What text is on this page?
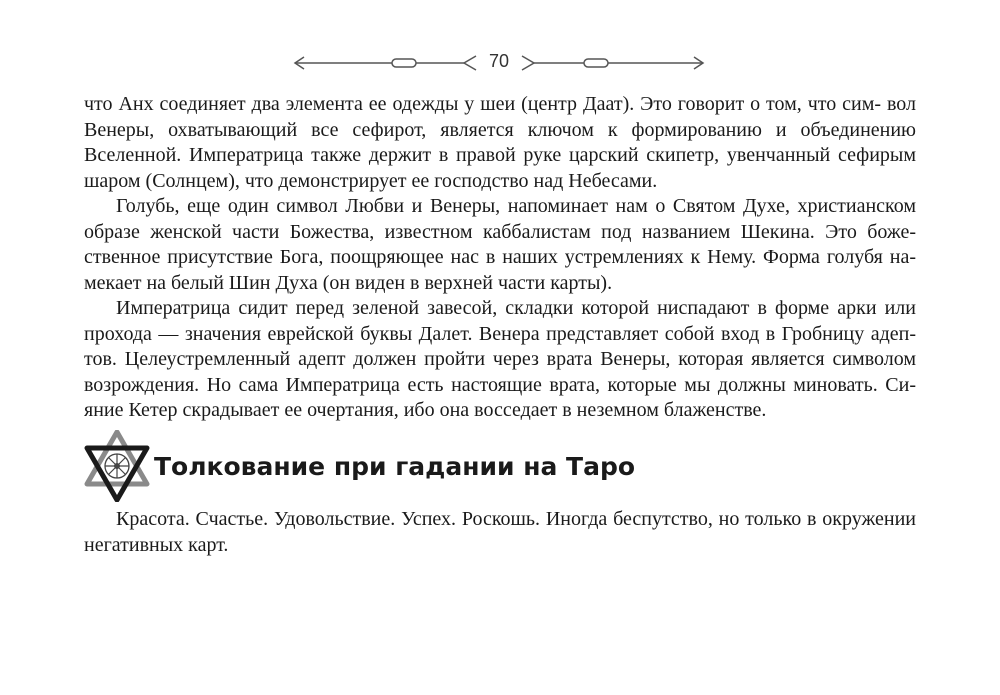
70

что Анх соединяет два элемента ее одежды у шеи (центр Даат). Это говорит о том, что сим- вол Венеры, охватывающий все сефирот, является ключом к формированию и объединению Вселенной. Императрица также держит в правой руке царский скипетр, увенчанный сефирым шаром (Солнцем), что демонстрирует ее господство над Небесами.

Голубь, еще один символ Любви и Венеры, напоминает нам о Святом Духе, христианском образе женской части Божества, известном каббалистам под названием Шекина. Это боже- ственное присутствие Бога, поощряющее нас в наших устремлениях к Нему. Форма голубя на- мекает на белый Шин Духа (он виден в верхней части карты).

Императрица сидит перед зеленой завесой, складки которой ниспадают в форме арки или прохода — значения еврейской буквы Далет. Венера представляет собой вход в Гробницу адеп- тов. Целеустремленный адепт должен пройти через врата Венеры, которая является символом возрождения. Но сама Императрица есть настоящие врата, которые мы должны миновать. Си- яние Кетер скрадывает ее очертания, ибо она восседает в неземном блаженстве.

Толкование при гадании на Таро

Красота. Счастье. Удовольствие. Успех. Роскошь. Иногда беспутство, но только в окружении негативных карт.
